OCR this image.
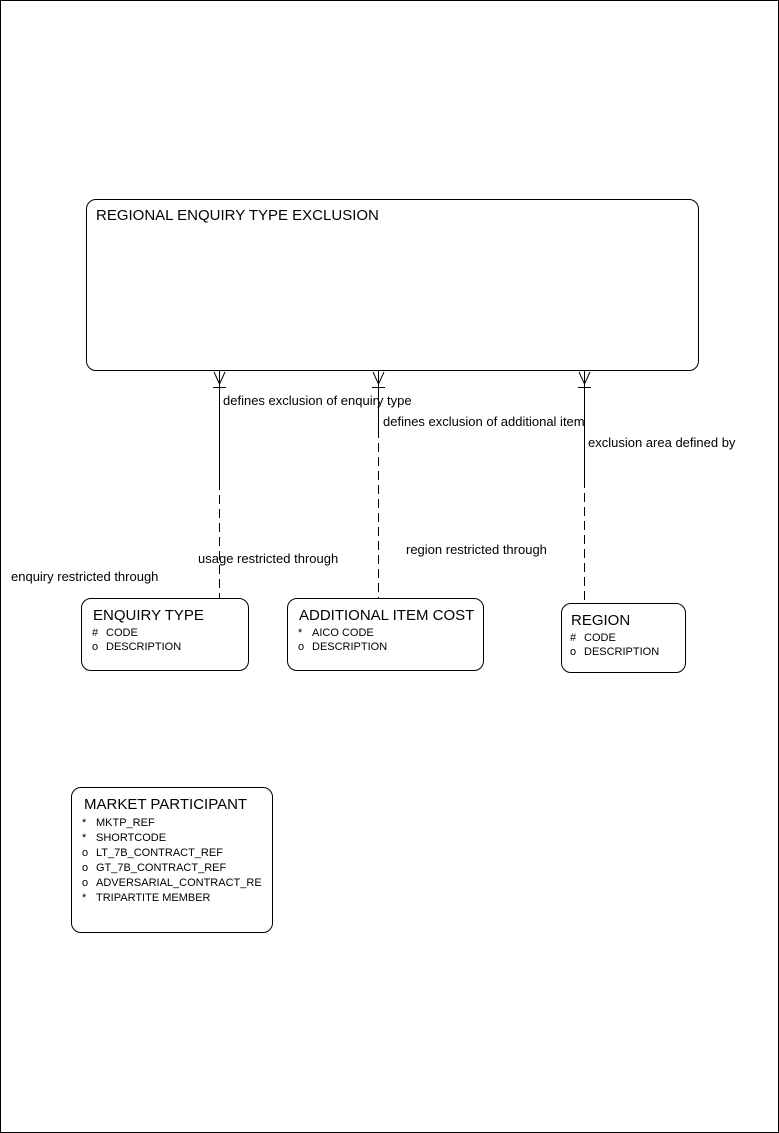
REGIONAL ENQUIRY TYPE EXCLUSION
defines exclusion of enquiry type
defines exclusion of additional item
exclusion area defined by
region restricted through
usage restricted through
enquiry restricted through
ENQUIRY TYPE
# CODE
o DESCRIPTION
ADDITIONAL ITEM COST
* AICO CODE
o DESCRIPTION
REGION
# CODE
o DESCRIPTION
MARKET PARTICIPANT
* MKTP_REF
* SHORTCODE
o LT_7B_CONTRACT_REF
o GT_7B_CONTRACT_REF
o ADVERSARIAL_CONTRACT_RE
* TRIPARTITE MEMBER
